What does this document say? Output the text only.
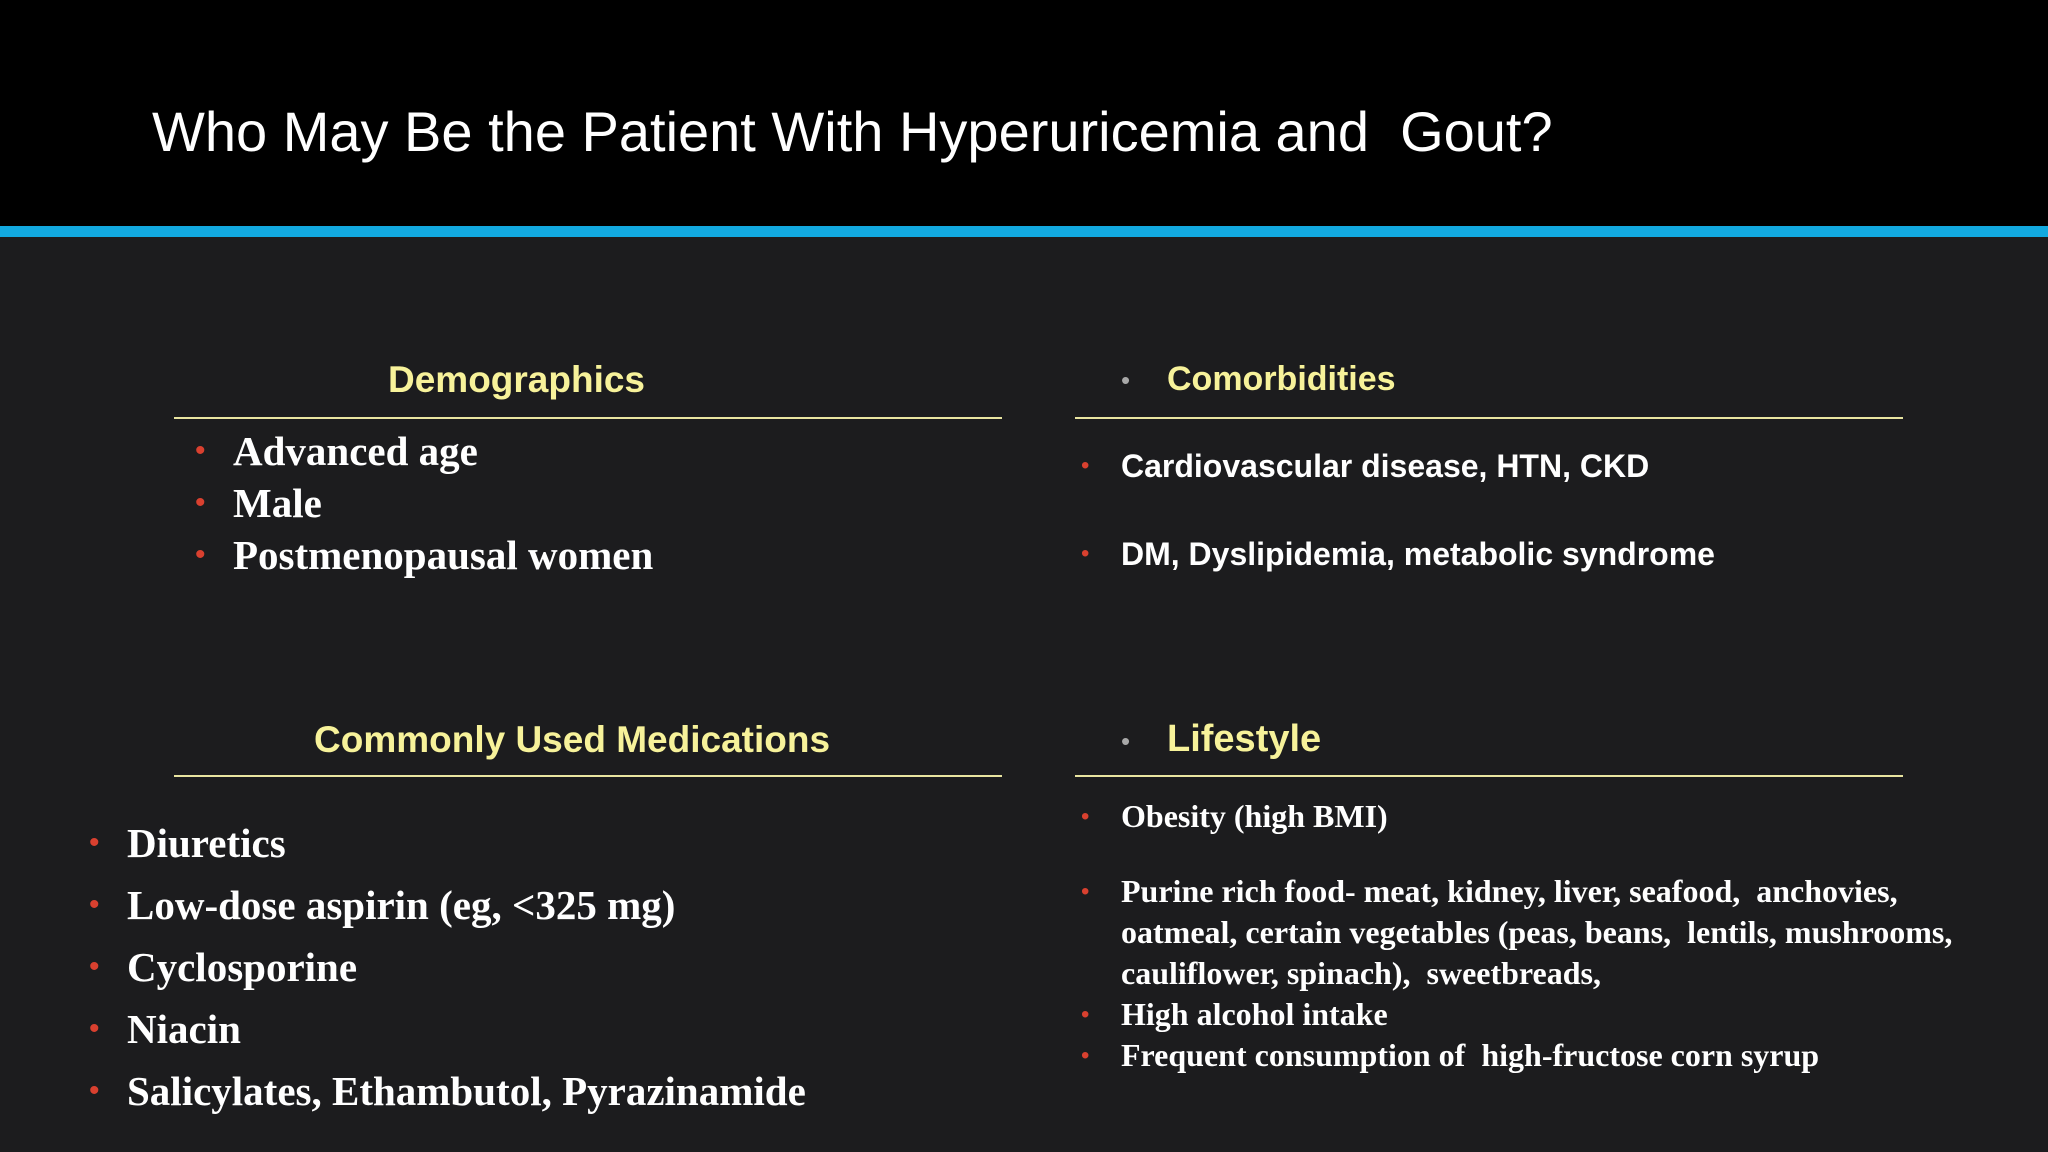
Who May Be the Patient With Hyperuricemia and  Gout?
Demographics
• Advanced age
• Male
• Postmenopausal women
• Comorbidities
• Cardiovascular disease, HTN, CKD
• DM, Dyslipidemia, metabolic syndrome
Commonly Used Medications
• Diuretics
• Low-dose aspirin (eg, <325 mg)
• Cyclosporine
• Niacin
• Salicylates, Ethambutol, Pyrazinamide
• Lifestyle
• Obesity (high BMI)
• Purine rich food- meat, kidney, liver, seafood,  anchovies,
oatmeal, certain vegetables (peas, beans,  lentils, mushrooms,
cauliflower, spinach),  sweetbreads,
• High alcohol intake
• Frequent consumption of  high-fructose corn syrup
